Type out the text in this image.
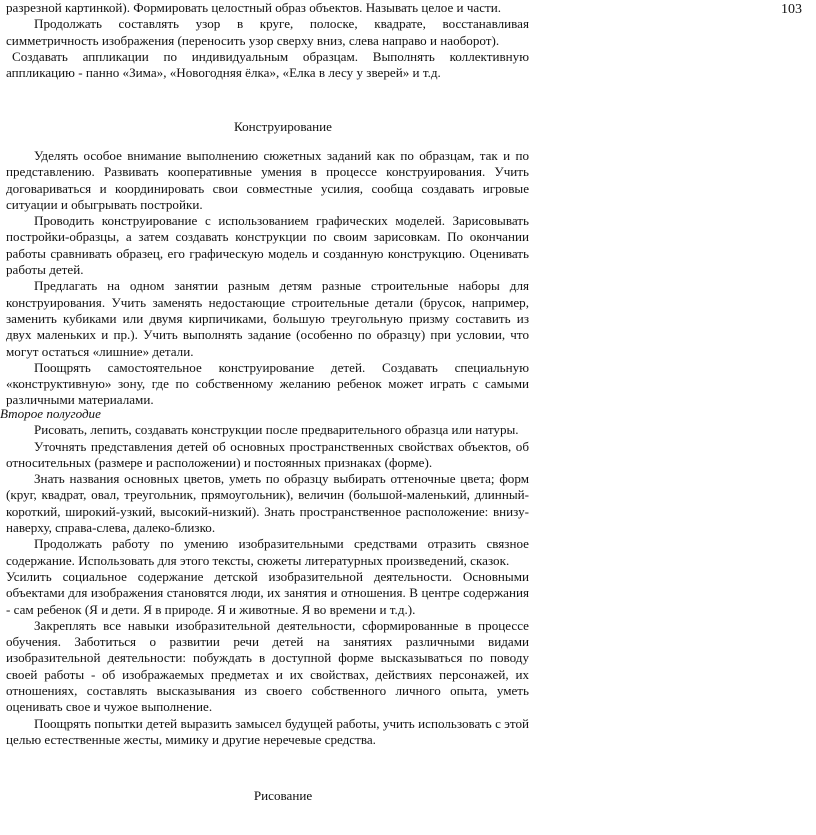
103

разрезной картинкой). Формировать целостный образ объектов. Называть целое и части.

Продолжать составлять узор в круге, полоске, квадрате, восстанавливая симметричность изображения (переносить узор сверху вниз, слева направо и наоборот).

Создавать аппликации по индивидуальным образцам. Выполнять коллективную аппликацию - панно «Зима», «Новогодняя ёлка», «Елка в лесу у зверей» и т.д.

Конструирование

Уделять особое внимание выполнению сюжетных заданий как по образцам, так и по представлению. Развивать кооперативные умения в процессе конструирования. Учить договариваться и координировать свои совместные усилия, сообща создавать игровые ситуации и обыгрывать постройки.

Проводить конструирование с использованием графических моделей. Зарисовывать постройки-образцы, а затем создавать конструкции по своим зарисовкам. По окончании работы сравнивать образец, его графическую модель и созданную конструкцию. Оценивать работы детей.

Предлагать на одном занятии разным детям разные строительные наборы для конструирования. Учить заменять недостающие строительные детали (брусок, например, заменить кубиками или двумя кирпичиками, большую треугольную призму составить из двух маленьких и пр.). Учить выполнять задание (особенно по образцу) при условии, что могут остаться «лишние» детали.

Поощрять самостоятельное конструирование детей. Создавать специальную «конструктивную» зону, где по собственному желанию ребенок может играть с самыми различными материалами.

Второе полугодие

Рисовать, лепить, создавать конструкции после предварительного образца или натуры.

Уточнять представления детей об основных пространственных свойствах объектов, об относительных (размере и расположении) и постоянных признаках (форме).

Знать названия основных цветов, уметь по образцу выбирать оттеночные цвета; форм (круг, квадрат, овал, треугольник, прямоугольник), величин (большой-маленький, длинный-короткий, широкий-узкий, высокий-низкий). Знать пространственное расположение: внизу-наверху, справа-слева, далеко-близко.

Продолжать работу по умению изобразительными средствами отразить связное содержание. Использовать для этого тексты, сюжеты литературных произведений, сказок.

Усилить социальное содержание детской изобразительной деятельности. Основными объектами для изображения становятся люди, их занятия и отношения. В центре содержания - сам ребенок (Я и дети. Я в природе. Я и животные. Я во времени и т.д.).

Закреплять все навыки изобразительной деятельности, сформированные в процессе обучения. Заботиться о развитии речи детей на занятиях различными видами изобразительной деятельности: побуждать в доступной форме высказываться по поводу своей работы - об изображаемых предметах и их свойствах, действиях персонажей, их отношениях, составлять высказывания из своего собственного личного опыта, уметь оценивать свое и чужое выполнение.

Поощрять попытки детей выразить замысел будущей работы, учить использовать с этой целью естественные жесты, мимику и другие неречевые средства.

Рисование
